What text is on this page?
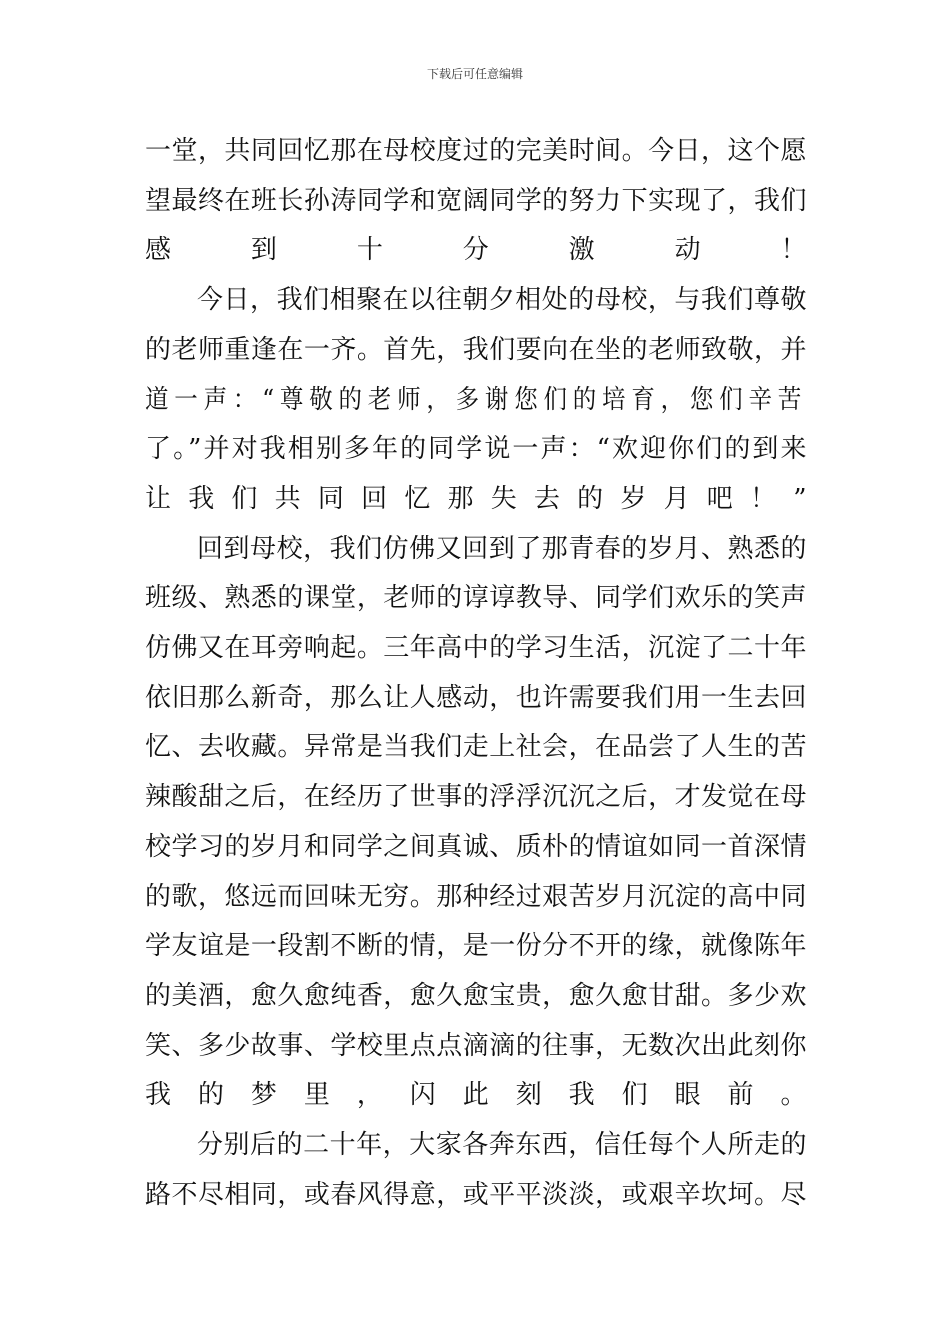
下载后可任意编辑

一堂，共同回忆那在母校度过的完美时间。今日，这个愿
望最终在班长孙涛同学和宽阔同学的努力下实现了，我们
感到十分激动！

今日，我们相聚在以往朝夕相处的母校，与我们尊敬
的老师重逢在一齐。首先，我们要向在坐的老师致敬，并
道一声：“尊敬的老师，多谢您们的培育，您们辛苦
了。”并对我相别多年的同学说一声：“欢迎你们的到来
让我们共同回忆那失去的岁月吧！”

回到母校，我们仿佛又回到了那青春的岁月、熟悉的
班级、熟悉的课堂，老师的谆谆教导、同学们欢乐的笑声
仿佛又在耳旁响起。三年高中的学习生活，沉淀了二十年
依旧那么新奇，那么让人感动，也许需要我们用一生去回
忆、去收藏。异常是当我们走上社会，在品尝了人生的苦
辣酸甜之后，在经历了世事的浮浮沉沉之后，才发觉在母
校学习的岁月和同学之间真诚、质朴的情谊如同一首深情
的歌，悠远而回味无穷。那种经过艰苦岁月沉淀的高中同
学友谊是一段割不断的情，是一份分不开的缘，就像陈年
的美酒，愈久愈纯香，愈久愈宝贵，愈久愈甘甜。多少欢
笑、多少故事、学校里点点滴滴的往事，无数次出此刻你
我的梦里，闪此刻我们眼前。

分别后的二十年，大家各奔东西，信任每个人所走的
路不尽相同，或春风得意，或平平淡淡，或艰辛坎坷。尽
